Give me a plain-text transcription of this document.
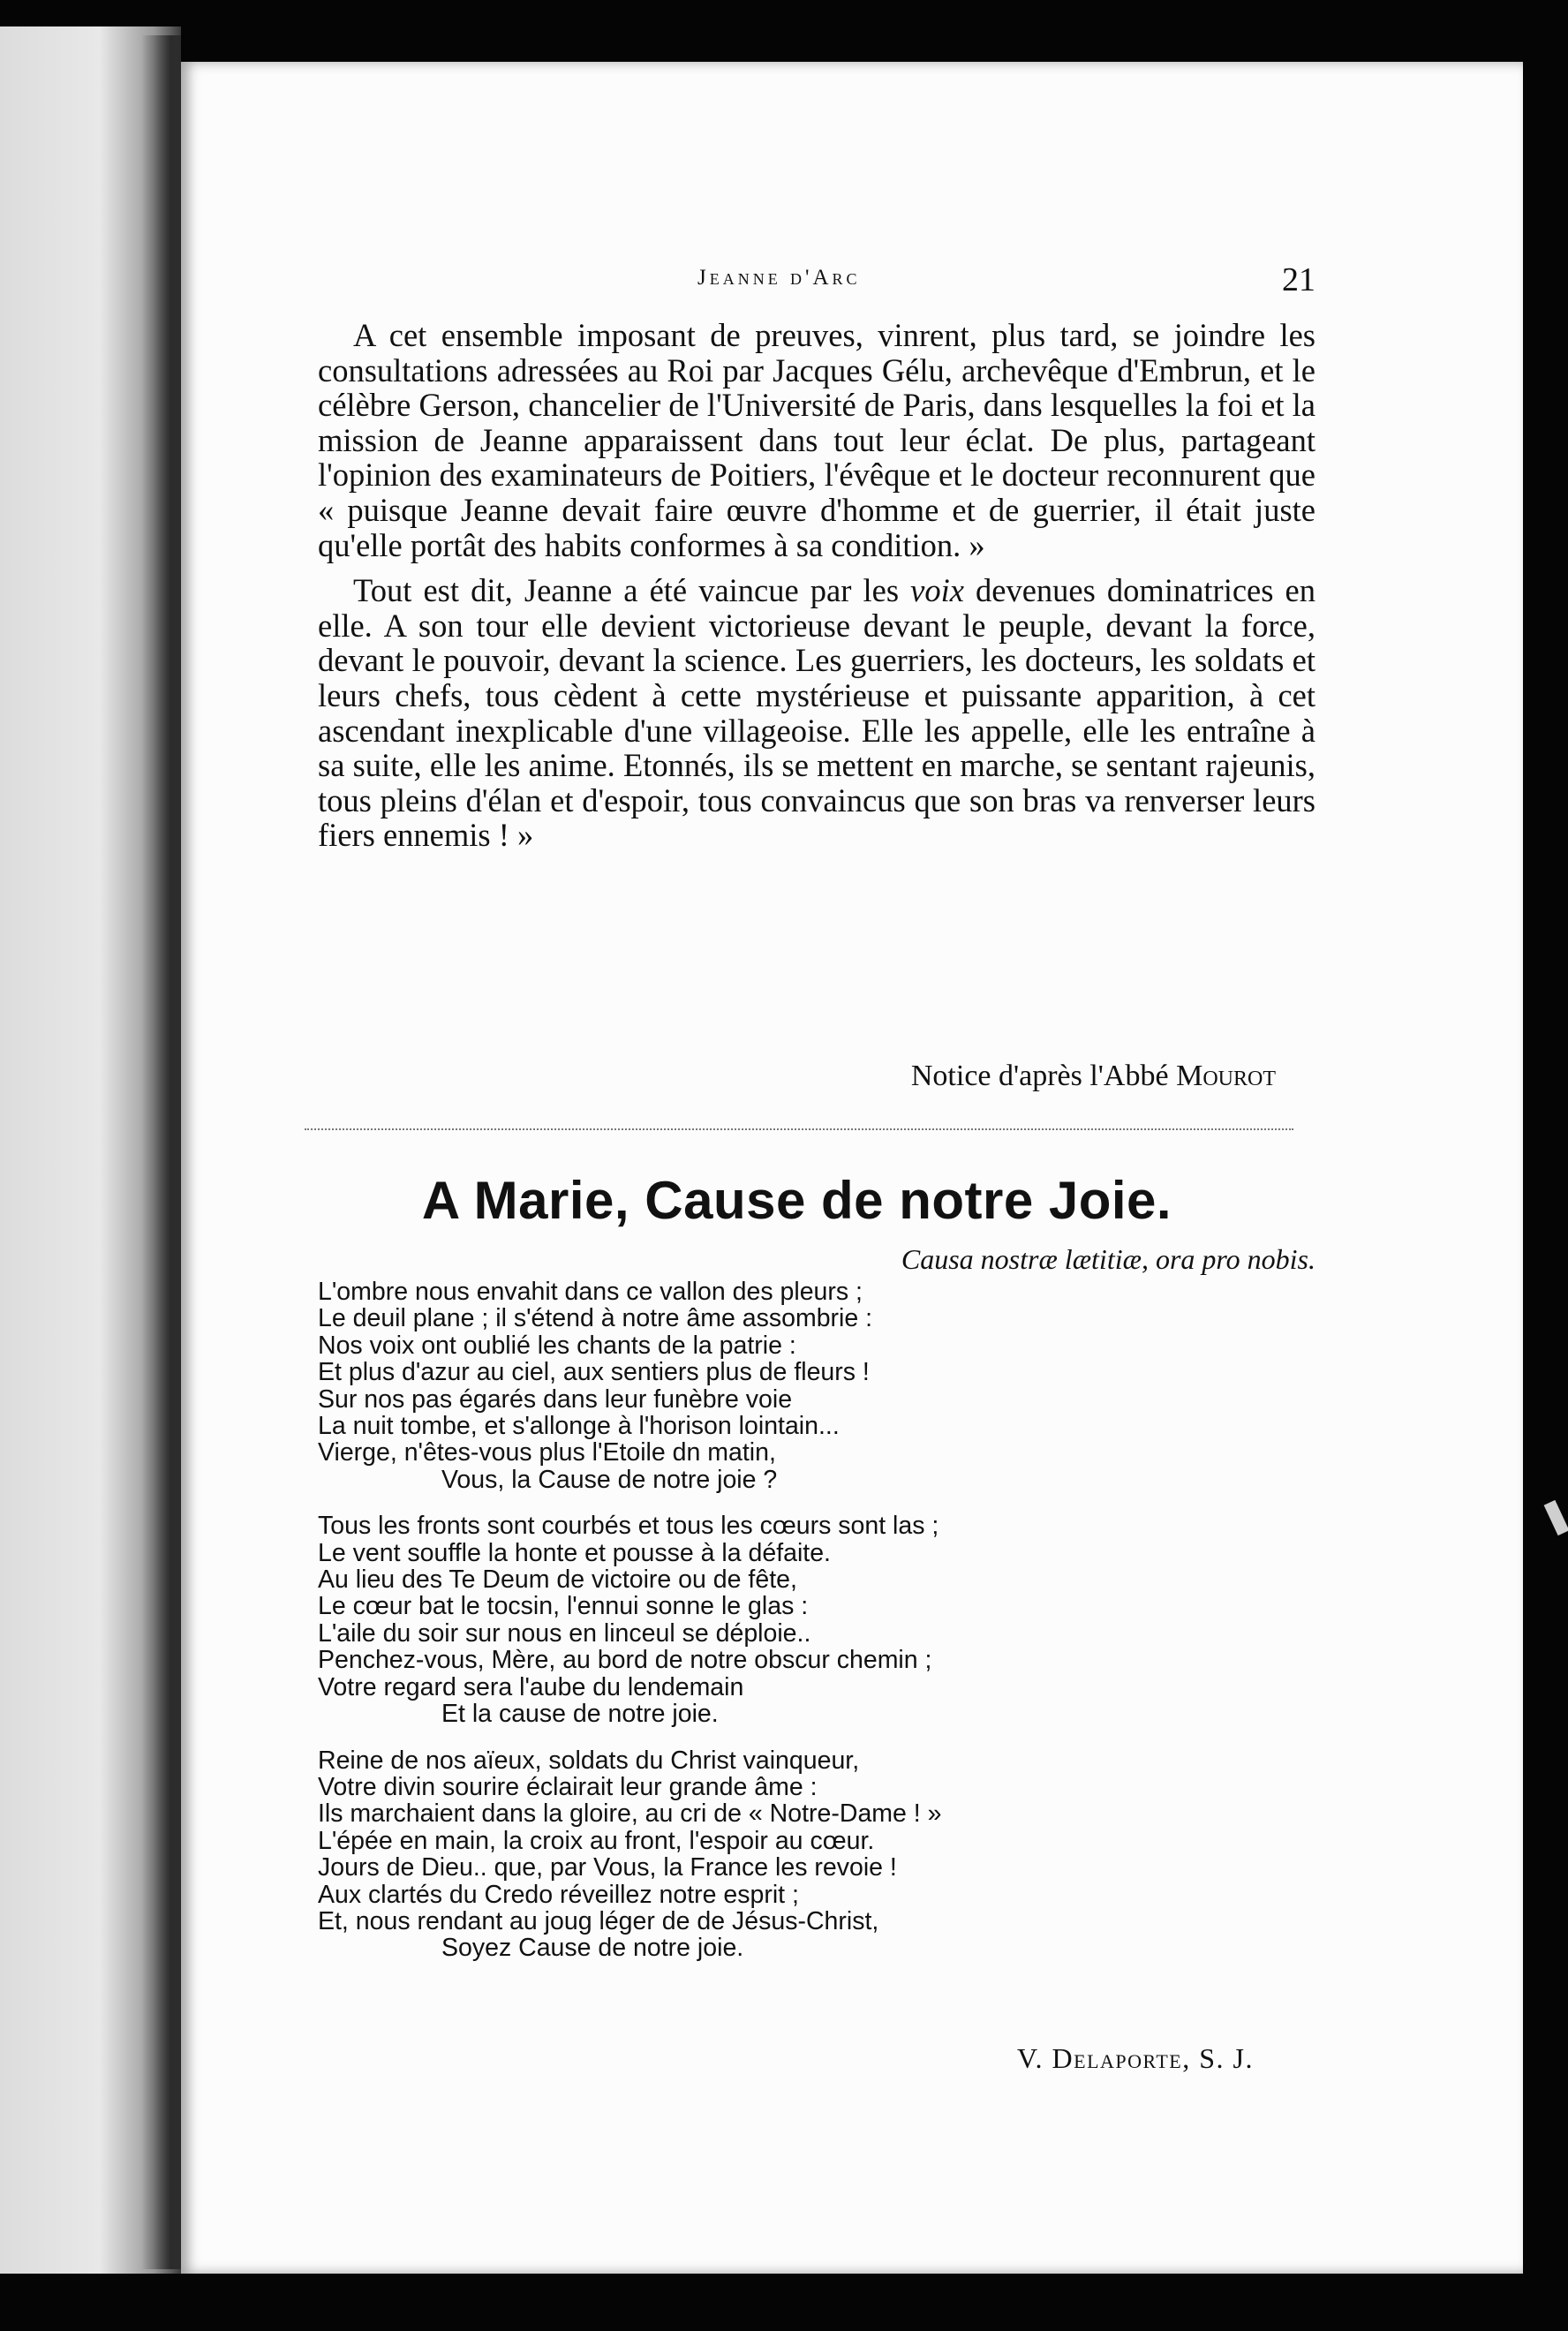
Jeanne d'Arc	21

A cet ensemble imposant de preuves, vinrent, plus tard, se joindre les consultations adressées au Roi par Jacques Gélu, archevêque d'Embrun, et le célèbre Gerson, chancelier de l'Université de Paris, dans lesquelles la foi et la mission de Jeanne apparaissent dans tout leur éclat. De plus, partageant l'opinion des examinateurs de Poitiers, l'évêque et le docteur reconnurent que « puisque Jeanne devait faire œuvre d'homme et de guerrier, il était juste qu'elle portât des habits conformes à sa condition. »

Tout est dit, Jeanne a été vaincue par les voix devenues dominatrices en elle. A son tour elle devient victorieuse devant le peuple, devant la force, devant le pouvoir, devant la science. Les guerriers, les docteurs, les soldats et leurs chefs, tous cèdent à cette mystérieuse et puissante apparition, à cet ascendant inexplicable d'une villageoise. Elle les appelle, elle les entraîne à sa suite, elle les anime. Etonnés, ils se mettent en marche, se sentant rajeunis, tous pleins d'élan et d'espoir, tous convaincus que son bras va renverser leurs fiers ennemis ! »

Notice d'après l'Abbé Mourot
A Marie, Cause de notre Joie.
Causa nostræ lætitiæ, ora pro nobis.
L'ombre nous envahit dans ce vallon des pleurs ;
Le deuil plane ; il s'étend à notre âme assombrie :
Nos voix ont oublié les chants de la patrie :
Et plus d'azur au ciel, aux sentiers plus de fleurs !
Sur nos pas égarés dans leur funèbre voie
La nuit tombe, et s'allonge à l'horison lointain...
Vierge, n'êtes-vous plus l'Etoile dn matin,
Vous, la Cause de notre joie ?
Tous les fronts sont courbés et tous les cœurs sont las ;
Le vent souffle la honte et pousse à la défaite.
Au lieu des Te Deum de victoire ou de fête,
Le cœur bat le tocsin, l'ennui sonne le glas :
L'aile du soir sur nous en linceul se déploie..
Penchez-vous, Mère, au bord de notre obscur chemin ;
Votre regard sera l'aube du lendemain
Et la cause de notre joie.
Reine de nos aïeux, soldats du Christ vainqueur,
Votre divin sourire éclairait leur grande âme :
Ils marchaient dans la gloire, au cri de « Notre-Dame ! »
L'épée en main, la croix au front, l'espoir au cœur.
Jours de Dieu.. que, par Vous, la France les revoie !
Aux clartés du Credo réveillez notre esprit ;
Et, nous rendant au joug léger de de Jésus-Christ,
Soyez Cause de notre joie.
V. Delaporte, S. J.
